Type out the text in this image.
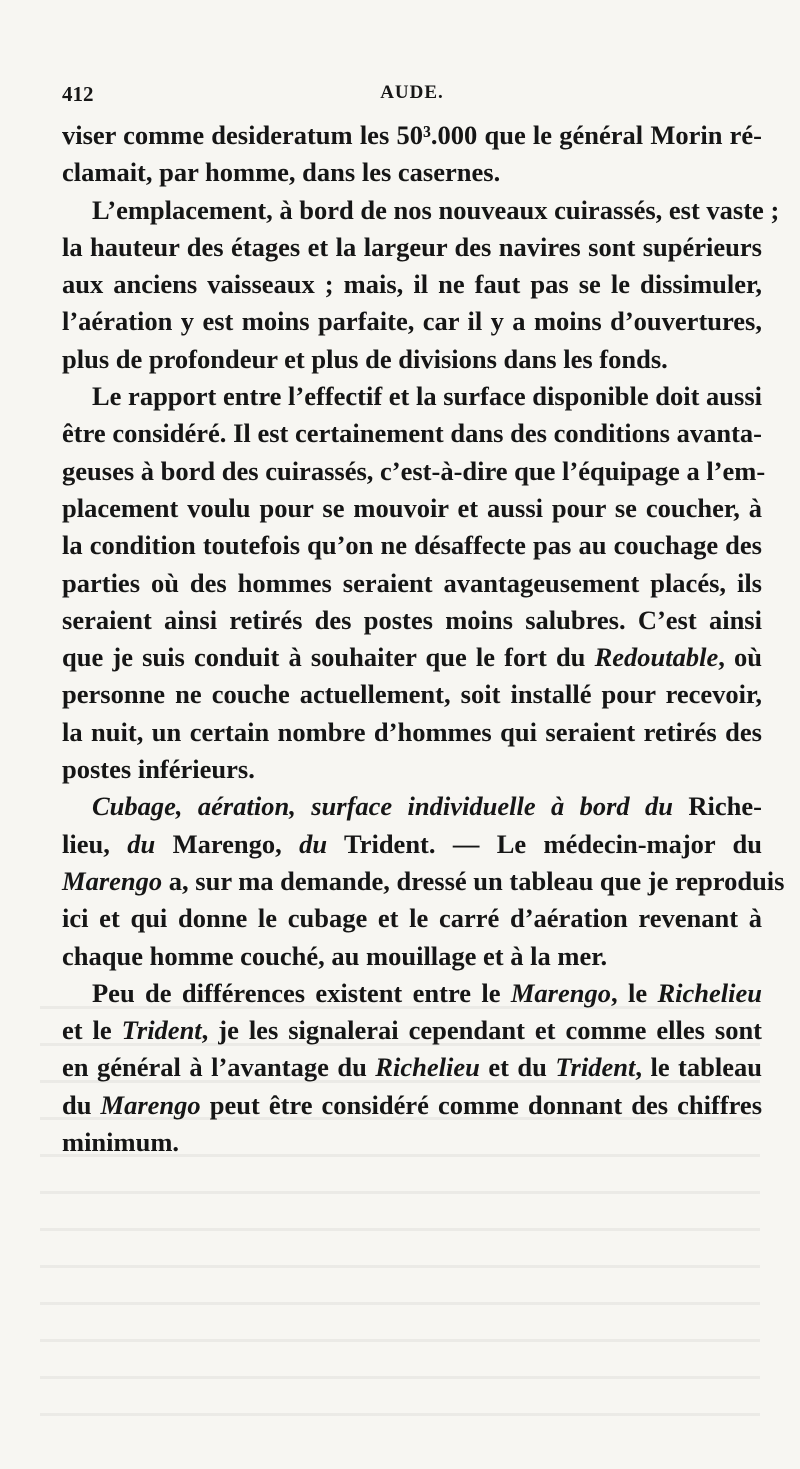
412	AUDE.

viser comme desideratum les 50³.000 que le général Morin ré-
clamait, par homme, dans les casernes.

L’emplacement, à bord de nos nouveaux cuirassés, est vaste ;
la hauteur des étages et la largeur des navires sont supérieurs
aux anciens vaisseaux ; mais, il ne faut pas se le dissimuler,
l’aération y est moins parfaite, car il y a moins d’ouvertures,
plus de profondeur et plus de divisions dans les fonds.

Le rapport entre l’effectif et la surface disponible doit aussi
être considéré. Il est certainement dans des conditions avanta-
geuses à bord des cuirassés, c’est-à-dire que l’équipage a l’em-
placement voulu pour se mouvoir et aussi pour se coucher, à
la condition toutefois qu’on ne désaffecte pas au couchage des
parties où des hommes seraient avantageusement placés, ils
seraient ainsi retirés des postes moins salubres. C’est ainsi
que je suis conduit à souhaiter que le fort du Redoutable, où
personne ne couche actuellement, soit installé pour recevoir,
la nuit, un certain nombre d’hommes qui seraient retirés des
postes inférieurs.

Cubage, aération, surface individuelle à bord du Riche-
lieu, du Marengo, du Trident. — Le médecin-major du
Marengo a, sur ma demande, dressé un tableau que je reproduis
ici et qui donne le cubage et le carré d’aération revenant à
chaque homme couché, au mouillage et à la mer.

Peu de différences existent entre le Marengo, le Richelieu
et le Trident, je les signalerai cependant et comme elles sont
en général à l’avantage du Richelieu et du Trident, le tableau
du Marengo peut être considéré comme donnant des chiffres
minimum.
